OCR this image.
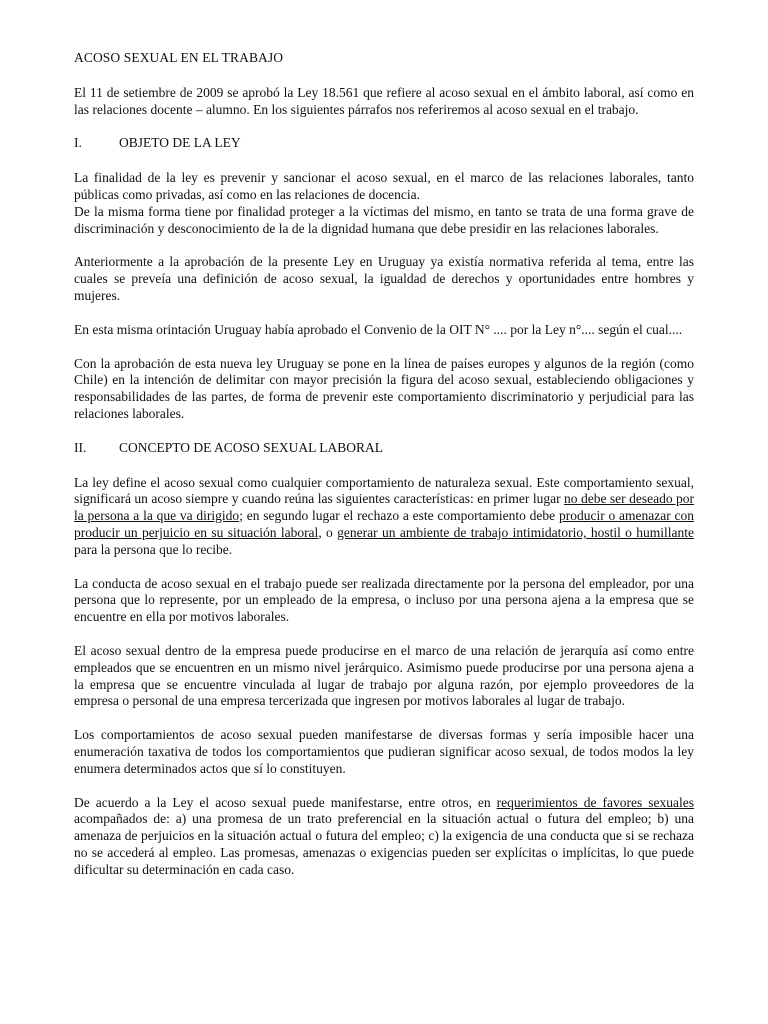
ACOSO SEXUAL EN EL TRABAJO

El 11 de setiembre de 2009 se aprobó la Ley 18.561 que refiere al acoso sexual en el ámbito laboral, así como en las relaciones docente – alumno. En los siguientes párrafos nos referiremos al acoso sexual en el trabajo.

I.	OBJETO DE LA LEY

La finalidad de la ley es prevenir y sancionar el acoso sexual, en el marco de las relaciones laborales, tanto públicas como privadas, así como en las relaciones de docencia.

De la misma forma tiene por finalidad proteger a la víctimas del mismo, en tanto se trata de una forma grave de discriminación y desconocimiento de la de la dignidad humana que debe presidir en las relaciones laborales.

Anteriormente a la aprobación de la presente Ley en Uruguay ya existía normativa referida al tema, entre las cuales se preveía una definición de acoso sexual, la igualdad de derechos y oportunidades entre hombres y mujeres.

En esta misma orintación Uruguay había aprobado el Convenio de la OIT N° .... por la Ley n°.... según el cual....

Con la aprobación de esta nueva ley Uruguay se pone en la línea de países europes y algunos de la región (como Chile) en la intención de delimitar con mayor precisión la figura del acoso sexual, estableciendo obligaciones y responsabilidades de las partes, de forma de prevenir este comportamiento discriminatorio y perjudicial para las relaciones laborales.

II.	CONCEPTO DE ACOSO SEXUAL LABORAL

La ley define el acoso sexual como cualquier comportamiento de naturaleza sexual. Este comportamiento sexual, significará un acoso siempre y cuando reúna las siguientes características: en primer lugar no debe ser deseado por la persona a la que va dirigido; en segundo lugar el rechazo a este comportamiento debe producir o amenazar con producir un perjuicio en su situación laboral, o generar un ambiente de trabajo intimidatorio, hostil o humillante para la persona que lo recibe.

La conducta de acoso sexual en el trabajo puede ser realizada directamente por la persona del empleador, por una persona que lo represente, por un empleado de la empresa, o incluso por una persona ajena a la empresa que se encuentre en ella por motivos laborales.

El acoso sexual dentro de la empresa puede producirse en el marco de una relación de jerarquía así como entre empleados que se encuentren en un mismo nivel jerárquico. Asimismo puede producirse por una persona ajena a la empresa que se encuentre vinculada al lugar de trabajo por alguna razón, por ejemplo proveedores de la empresa o personal de una empresa tercerizada que ingresen por motivos laborales al lugar de trabajo.

Los comportamientos de acoso sexual pueden manifestarse de diversas formas y sería imposible hacer una enumeración taxativa de todos los comportamientos que pudieran significar acoso sexual, de todos modos la ley enumera determinados actos que sí lo constituyen.

De acuerdo a la Ley el acoso sexual puede manifestarse, entre otros, en requerimientos de favores sexuales acompañados de: a) una promesa de un trato preferencial en la situación actual o futura del empleo; b) una amenaza de perjuicios en la situación actual o futura del empleo; c) la exigencia de una conducta que si se rechaza no se accederá al empleo. Las promesas, amenazas o exigencias pueden ser explícitas o implícitas, lo que puede dificultar su determinación en cada caso.
